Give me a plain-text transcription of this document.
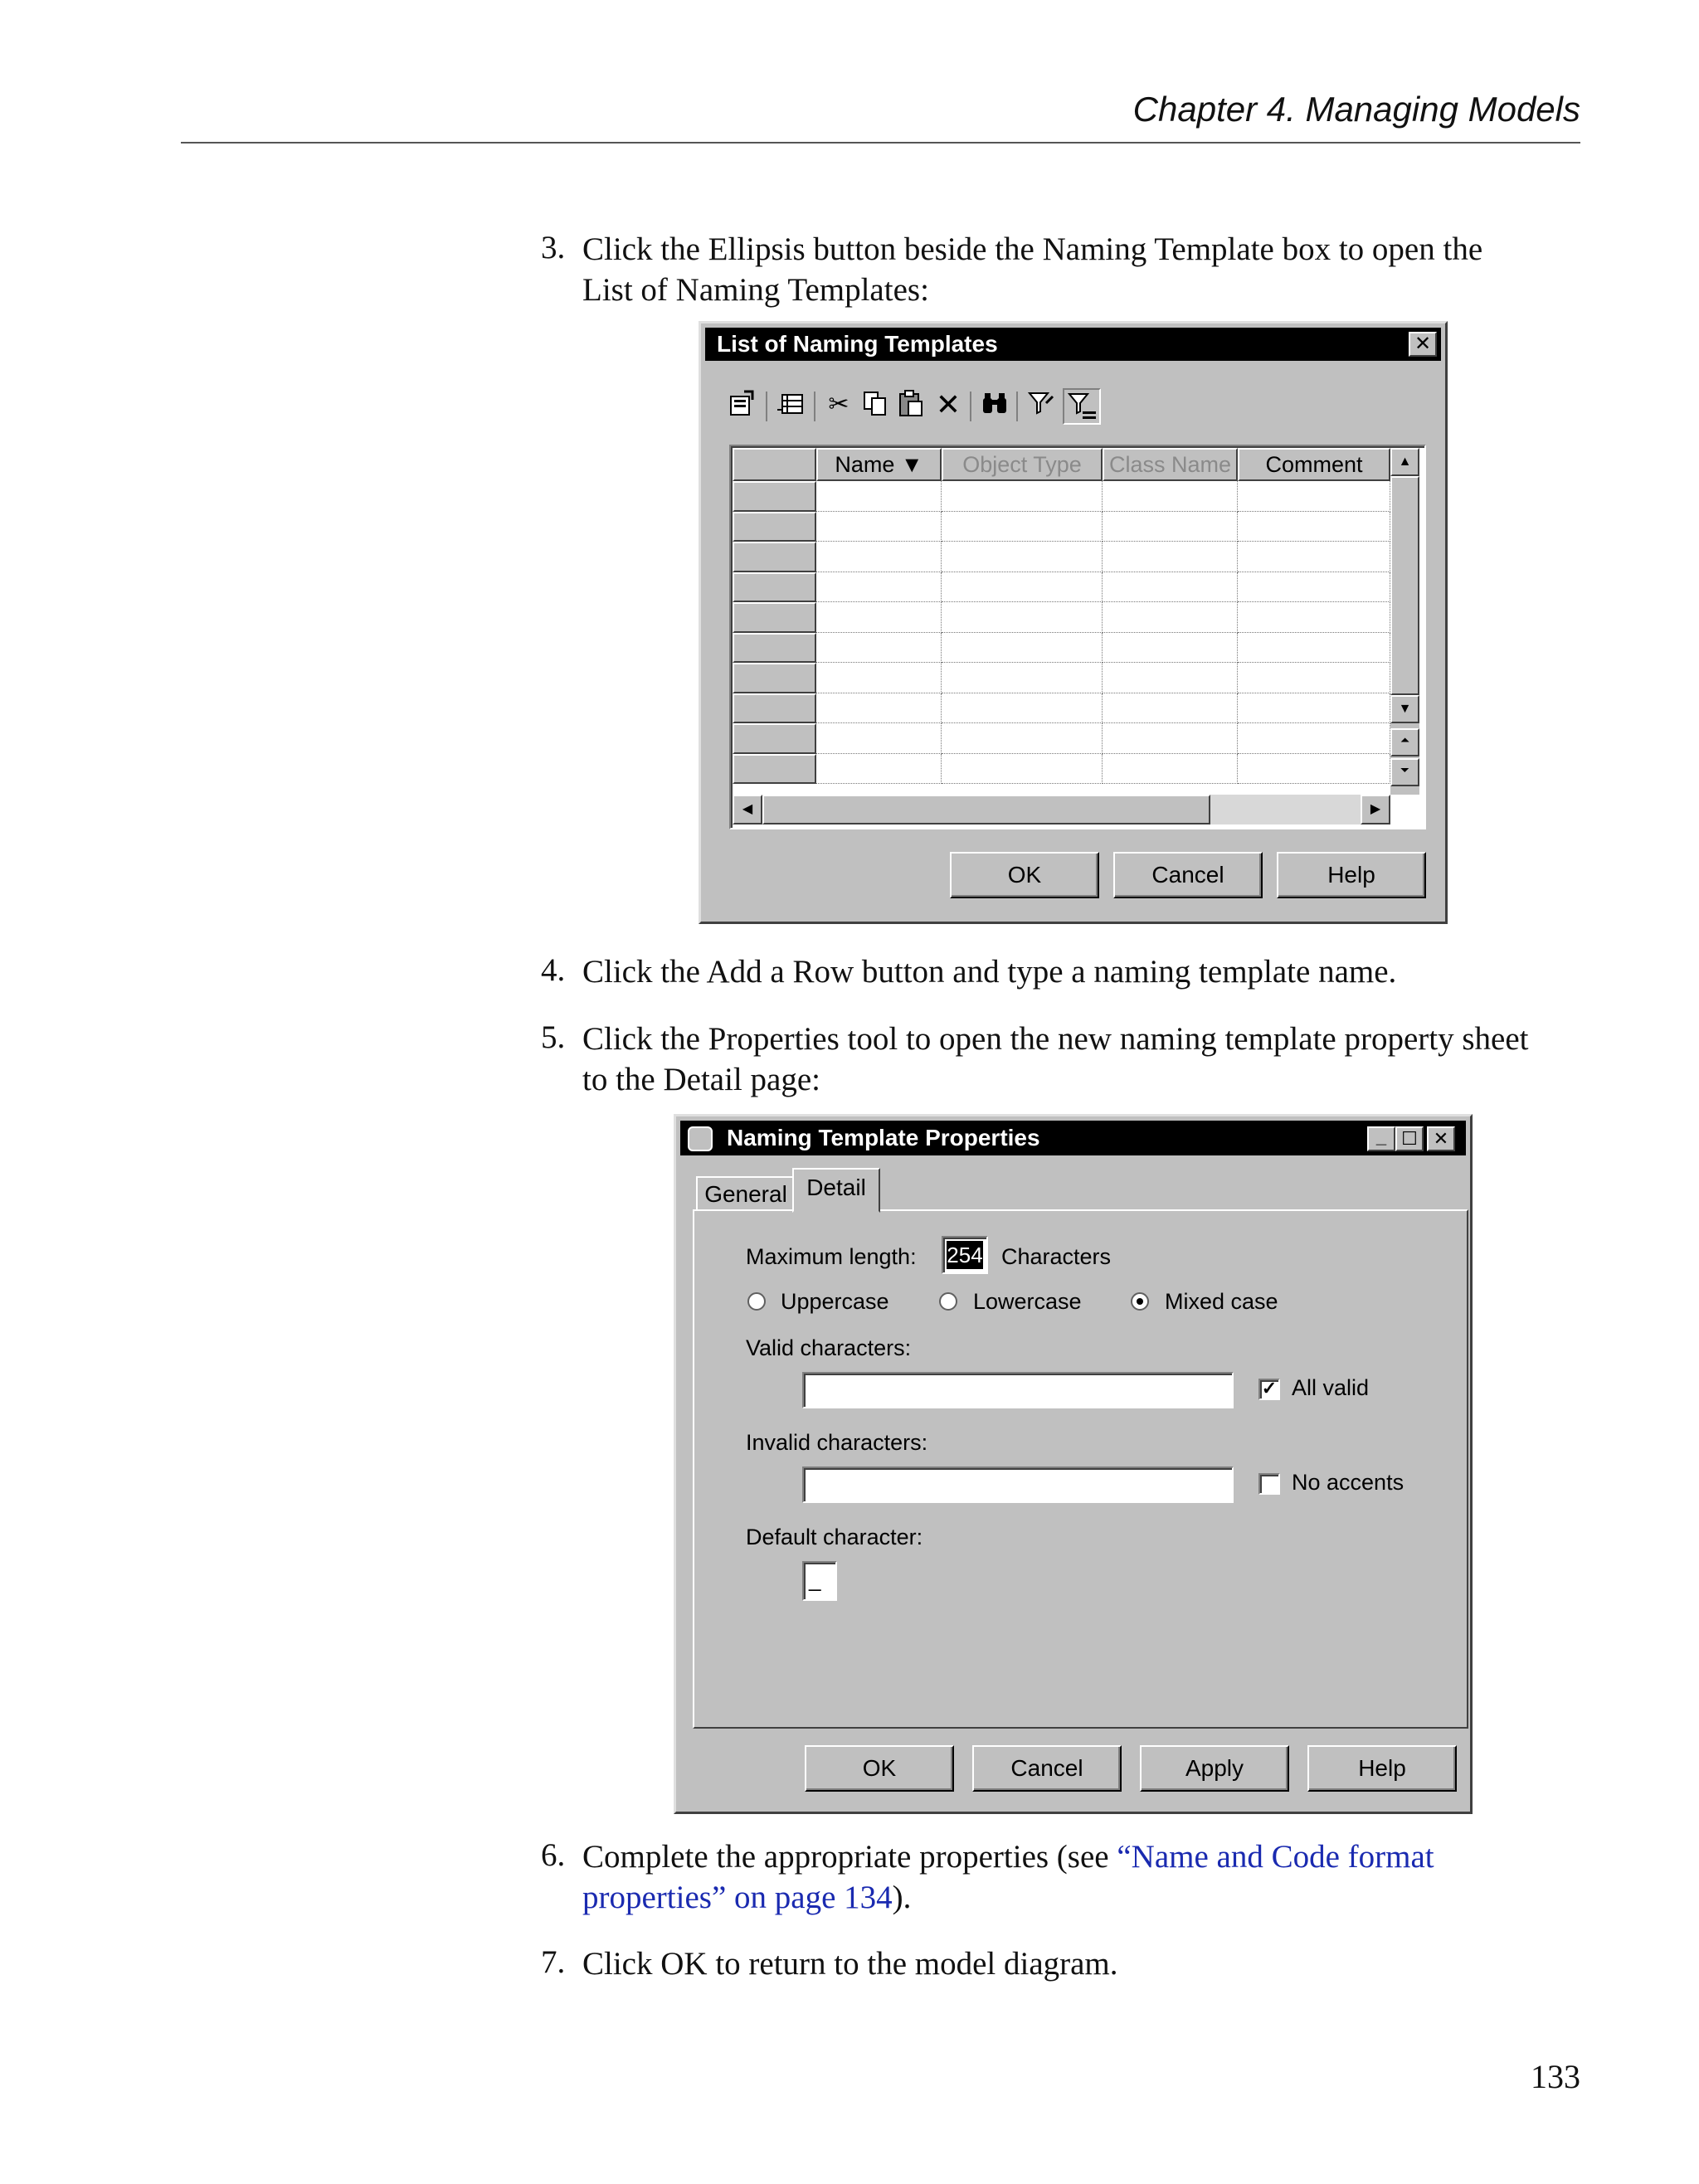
Chapter 4. Managing Models
3. Click the Ellipsis button beside the Naming Template box to open the
List of Naming Templates:
List of Naming Templates	✕
✂	✕
Name ▼	Object Type	Class Name	Comment	▲
▼
⏶
⏷
◀	▶
OK	Cancel	Help
4. Click the Add a Row button and type a naming template name.
5. Click the Properties tool to open the new naming template property sheet
to the Detail page:
Naming Template Properties	_ ☐ ✕
General Detail
Maximum length: 254 Characters
Uppercase	Lowercase	Mixed case
Valid characters:
✓ All valid
Invalid characters:
No accents
Default character:
_
OK	Cancel	Apply	Help
6. Complete the appropriate properties (see “Name and Code format
properties” on page 134).
7. Click OK to return to the model diagram.
133
